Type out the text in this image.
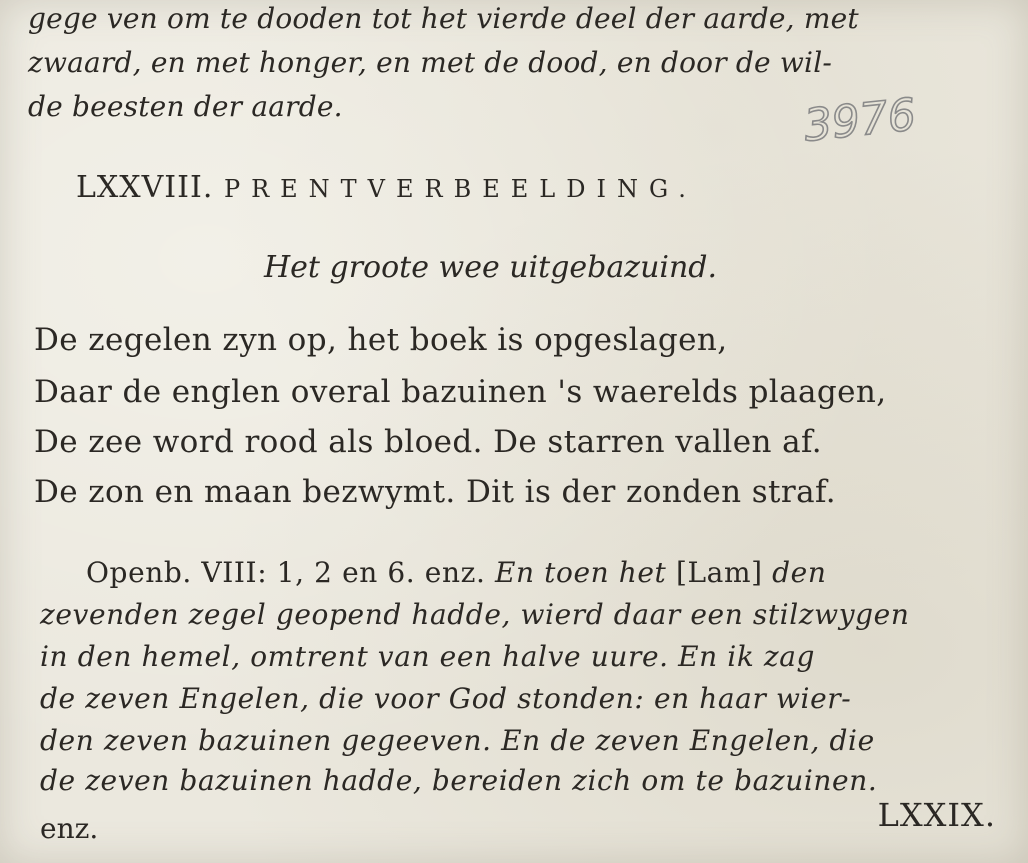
gege ven om te dooden tot het vierde deel der aarde, met
zwaard, en met honger, en met de dood, en door de wil-
de beesten der aarde.	3976
LXXVIII. PRENTVERBEELDING.
Het groote wee uitgebazuind.
De zegelen zyn op, het boek is opgeslagen,
Daar de englen overal bazuinen 's waerelds plaagen,
De zee word rood als bloed. De starren vallen af.
De zon en maan bezwymt. Dit is der zonden straf.
Openb. VIII: 1, 2 en 6. enz. En toen het [Lam] den
zevenden zegel geopend hadde, wierd daar een stilzwygen
in den hemel, omtrent van een halve uure. En ik zag
de zeven Engelen, die voor God stonden: en haar wier-
den zeven bazuinen gegeeven. En de zeven Engelen, die
de zeven bazuinen hadde, bereiden zich om te bazuinen.
enz.	LXXIX.
